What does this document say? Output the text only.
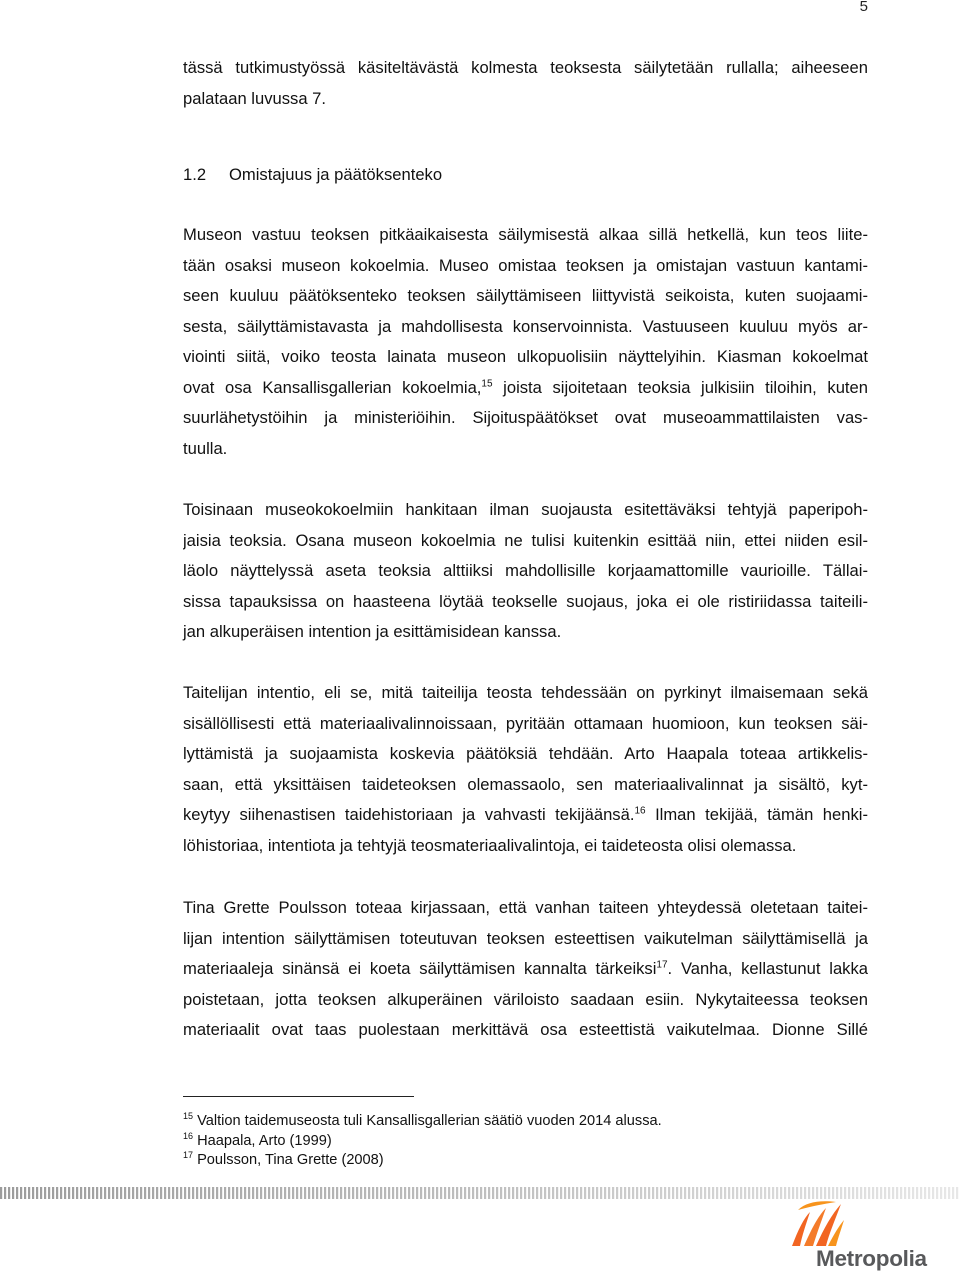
5
tässä tutkimustyössä käsiteltävästä kolmesta teoksesta säilytetään rullalla; aiheeseen
palataan luvussa 7.
1.2	Omistajuus ja päätöksenteko
Museon vastuu teoksen pitkäaikaisesta säilymisestä alkaa sillä hetkellä, kun teos liite-
tään osaksi museon kokoelmia. Museo omistaa teoksen ja omistajan vastuun kantami-
seen kuuluu päätöksenteko teoksen säilyttämiseen liittyvistä seikoista, kuten suojaami-
sesta, säilyttämistavasta ja mahdollisesta konservoinnista. Vastuuseen kuuluu myös ar-
viointi siitä, voiko teosta lainata museon ulkopuolisiin näyttelyihin. Kiasman kokoelmat
ovat osa Kansallisgallerian kokoelmia,$^{15}$ joista sijoitetaan teoksia julkisiin tiloihin, kuten
suurlähetystöihin ja ministeriöihin. Sijoituspäätökset ovat museoammattilaisten vas-
tuulla.
Toisinaan museokokoelmiin hankitaan ilman suojausta esitettäväksi tehtyjä paperipoh-
jaisia teoksia. Osana museon kokoelmia ne tulisi kuitenkin esittää niin, ettei niiden esil-
läolo näyttelyssä aseta teoksia alttiiksi mahdollisille korjaamattomille vaurioille. Tällai-
sissa tapauksissa on haasteena löytää teokselle suojaus, joka ei ole ristiriidassa taiteili-
jan alkuperäisen intention ja esittämisidean kanssa.
Taitelijan intentio, eli se, mitä taiteilija teosta tehdessään on pyrkinyt ilmaisemaan sekä
sisällöllisesti että materiaalivalinnoissaan, pyritään ottamaan huomioon, kun teoksen säi-
lyttämistä ja suojaamista koskevia päätöksiä tehdään. Arto Haapala toteaa artikkelis-
saan, että yksittäisen taideteoksen olemassaolo, sen materiaalivalinnat ja sisältö, kyt-
keytyy siihenastisen taidehistoriaan ja vahvasti tekijäänsä.$^{16}$ Ilman tekijää, tämän henki-
löhistoriaa, intentiota ja tehtyjä teosmateriaalivalintoja, ei taideteosta olisi olemassa.
Tina Grette Poulsson toteaa kirjassaan, että vanhan taiteen yhteydessä oletetaan taitei-
lijan intention säilyttämisen toteutuvan teoksen esteettisen vaikutelman säilyttämisellä ja
materiaaleja sinänsä ei koeta säilyttämisen kannalta tärkeiksi$^{17}$. Vanha, kellastunut lakka
poistetaan, jotta teoksen alkuperäinen väriloisto saadaan esiin. Nykytaiteessa teoksen
materiaalit ovat taas puolestaan merkittävä osa esteettistä vaikutelmaa. Dionne Sillé
$^{15}$ Valtion taidemuseosta tuli Kansallisgallerian säätiö vuoden 2014 alussa.
$^{16}$ Haapala, Arto (1999)
$^{17}$ Poulsson, Tina Grette (2008)
Metropolia
